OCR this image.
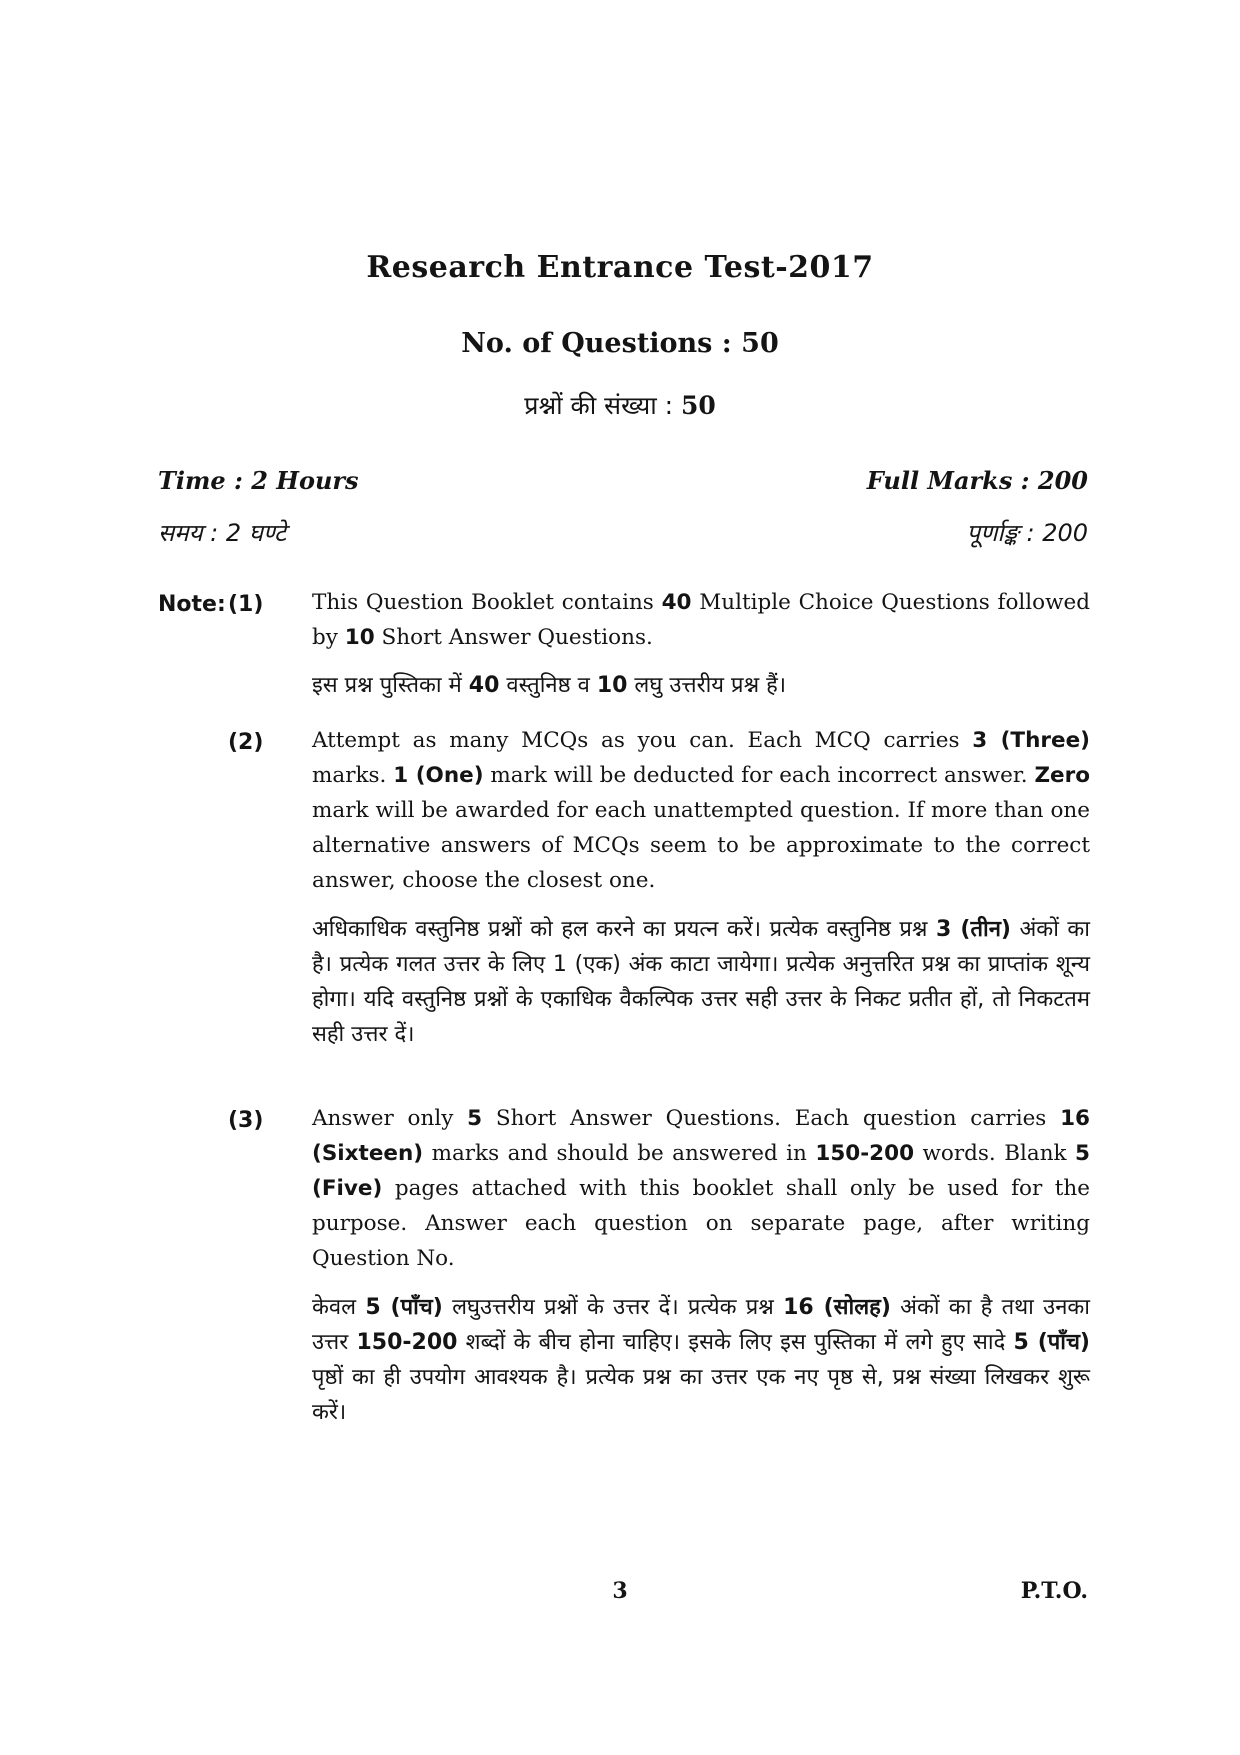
Research Entrance Test-2017
No. of Questions : 50
प्रश्नों की संख्या : 50
Time : 2 Hours	Full Marks : 200
समय : 2 घण्टे	पूर्णाङ्क : 200
Note: (1) This Question Booklet contains 40 Multiple Choice Questions followed by 10 Short Answer Questions.
इस प्रश्न पुस्तिका में 40 वस्तुनिष्ठ व 10 लघु उत्तरीय प्रश्न हैं।
(2) Attempt as many MCQs as you can. Each MCQ carries 3 (Three) marks. 1 (One) mark will be deducted for each incorrect answer. Zero mark will be awarded for each unattempted question. If more than one alternative answers of MCQs seem to be approximate to the correct answer, choose the closest one.
अधिकाधिक वस्तुनिष्ठ प्रश्नों को हल करने का प्रयत्न करें। प्रत्येक वस्तुनिष्ठ प्रश्न 3 (तीन) अंकों का है। प्रत्येक गलत उत्तर के लिए 1 (एक) अंक काटा जायेगा। प्रत्येक अनुत्तरित प्रश्न का प्राप्तांक शून्य होगा। यदि वस्तुनिष्ठ प्रश्नों के एकाधिक वैकल्पिक उत्तर सही उत्तर के निकट प्रतीत हों, तो निकटतम सही उत्तर दें।
(3) Answer only 5 Short Answer Questions. Each question carries 16 (Sixteen) marks and should be answered in 150-200 words. Blank 5 (Five) pages attached with this booklet shall only be used for the purpose. Answer each question on separate page, after writing Question No.
केवल 5 (पाँच) लघुउत्तरीय प्रश्नों के उत्तर दें। प्रत्येक प्रश्न 16 (सोलह) अंकों का है तथा उनका उत्तर 150-200 शब्दों के बीच होना चाहिए। इसके लिए इस पुस्तिका में लगे हुए सादे 5 (पाँच) पृष्ठों का ही उपयोग आवश्यक है। प्रत्येक प्रश्न का उत्तर एक नए पृष्ठ से, प्रश्न संख्या लिखकर शुरू करें।
3	P.T.O.
